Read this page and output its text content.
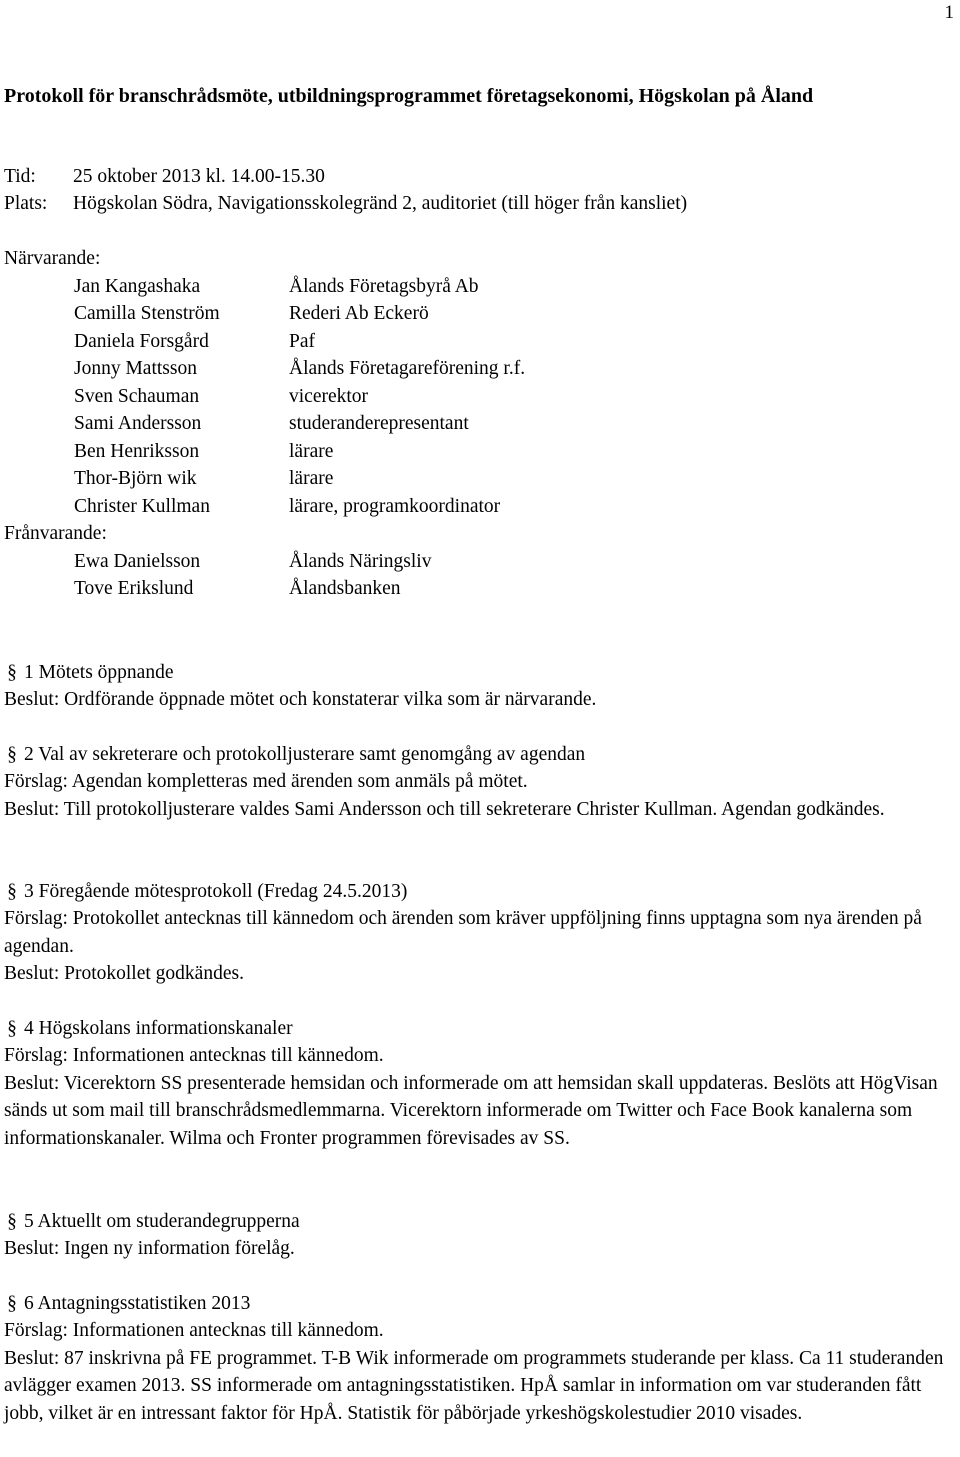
1
Protokoll för branschrådsmöte, utbildningsprogrammet företagsekonomi, Högskolan på Åland
Tid: 25 oktober 2013 kl. 14.00-15.30
Plats: Högskolan Södra, Navigationsskolegränd 2, auditoriet (till höger från kansliet)
Närvarande:
Jan Kangashaka	Ålands Företagsbyrå Ab
Camilla Stenström	Rederi Ab Eckerö
Daniela Forsgård	Paf
Jonny Mattsson	Ålands Företagareförening r.f.
Sven Schauman	vicerektor
Sami Andersson	studeranderepresentant
Ben Henriksson	lärare
Thor-Björn wik	lärare
Christer Kullman	lärare, programkoordinator
Frånvarande:
Ewa Danielsson	Ålands Näringsliv
Tove Erikslund	Ålandsbanken
§ 1 Mötets öppnande

Beslut: Ordförande öppnade mötet och konstaterar vilka som är närvarande.

§ 2 Val av sekreterare och protokolljusterare samt genomgång av agendan

Förslag: Agendan kompletteras med ärenden som anmäls på mötet.

Beslut: Till protokolljusterare valdes Sami Andersson och till sekreterare Christer Kullman. Agendan godkändes.

§ 3 Föregående mötesprotokoll (Fredag 24.5.2013)

Förslag: Protokollet antecknas till kännedom och ärenden som kräver uppföljning finns upptagna som nya ärenden på agendan.

Beslut: Protokollet godkändes.

§ 4 Högskolans informationskanaler

Förslag: Informationen antecknas till kännedom.

Beslut: Vicerektorn SS presenterade hemsidan och informerade om att hemsidan skall uppdateras. Beslöts att HögVisan sänds ut som mail till branschrådsmedlemmarna. Vicerektorn informerade om Twitter och Face Book kanalerna som informationskanaler. Wilma och Fronter programmen förevisades av SS.

§ 5 Aktuellt om studerandegrupperna

Beslut: Ingen ny information förelåg.

§ 6 Antagningsstatistiken 2013

Förslag: Informationen antecknas till kännedom.

Beslut: 87 inskrivna på FE programmet. T-B Wik informerade om programmets studerande per klass. Ca 11 studeranden avlägger examen 2013. SS informerade om antagningsstatistiken. HpÅ samlar in information om var studeranden fått jobb, vilket är en intressant faktor för HpÅ. Statistik för påbörjade yrkeshögskolestudier 2010 visades.
